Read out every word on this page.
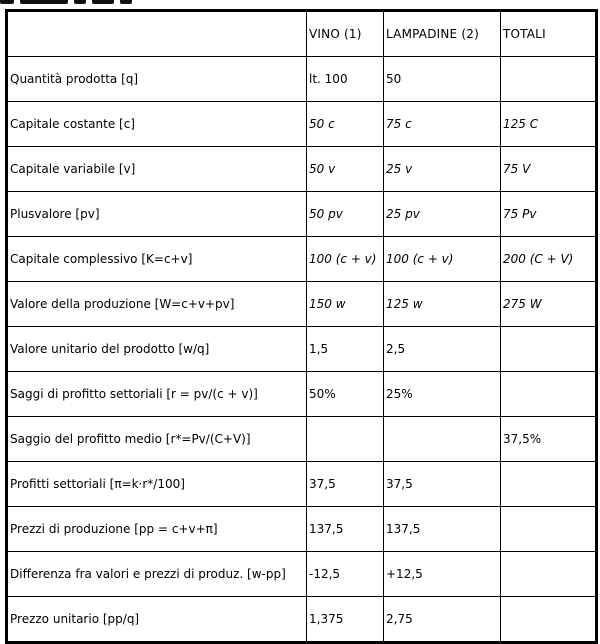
	VINO (1)	LAMPADINE (2)	TOTALI
Quantità prodotta [q]	lt. 100	50	
Capitale costante [c]	50 c	75 c	125 C
Capitale variabile [v]	50 v	25 v	75 V
Plusvalore [pv]	50 pv	25 pv	75 Pv
Capitale complessivo [K=c+v]	100 (c + v)	100 (c + v)	200 (C + V)
Valore della produzione [W=c+v+pv]	150 w	125 w	275 W
Valore unitario del prodotto [w/q]	1,5	2,5	
Saggi di profitto settoriali [r = pv/(c + v)]	50%	25%	
Saggio del profitto medio [r*=Pv/(C+V)]			37,5%
Profitti settoriali [π=k·r*/100]	37,5	37,5	
Prezzi di produzione [pp = c+v+π]	137,5	137,5	
Differenza fra valori e prezzi di produz. [w-pp]	-12,5	+12,5	
Prezzo unitario [pp/q]	1,375	2,75	
